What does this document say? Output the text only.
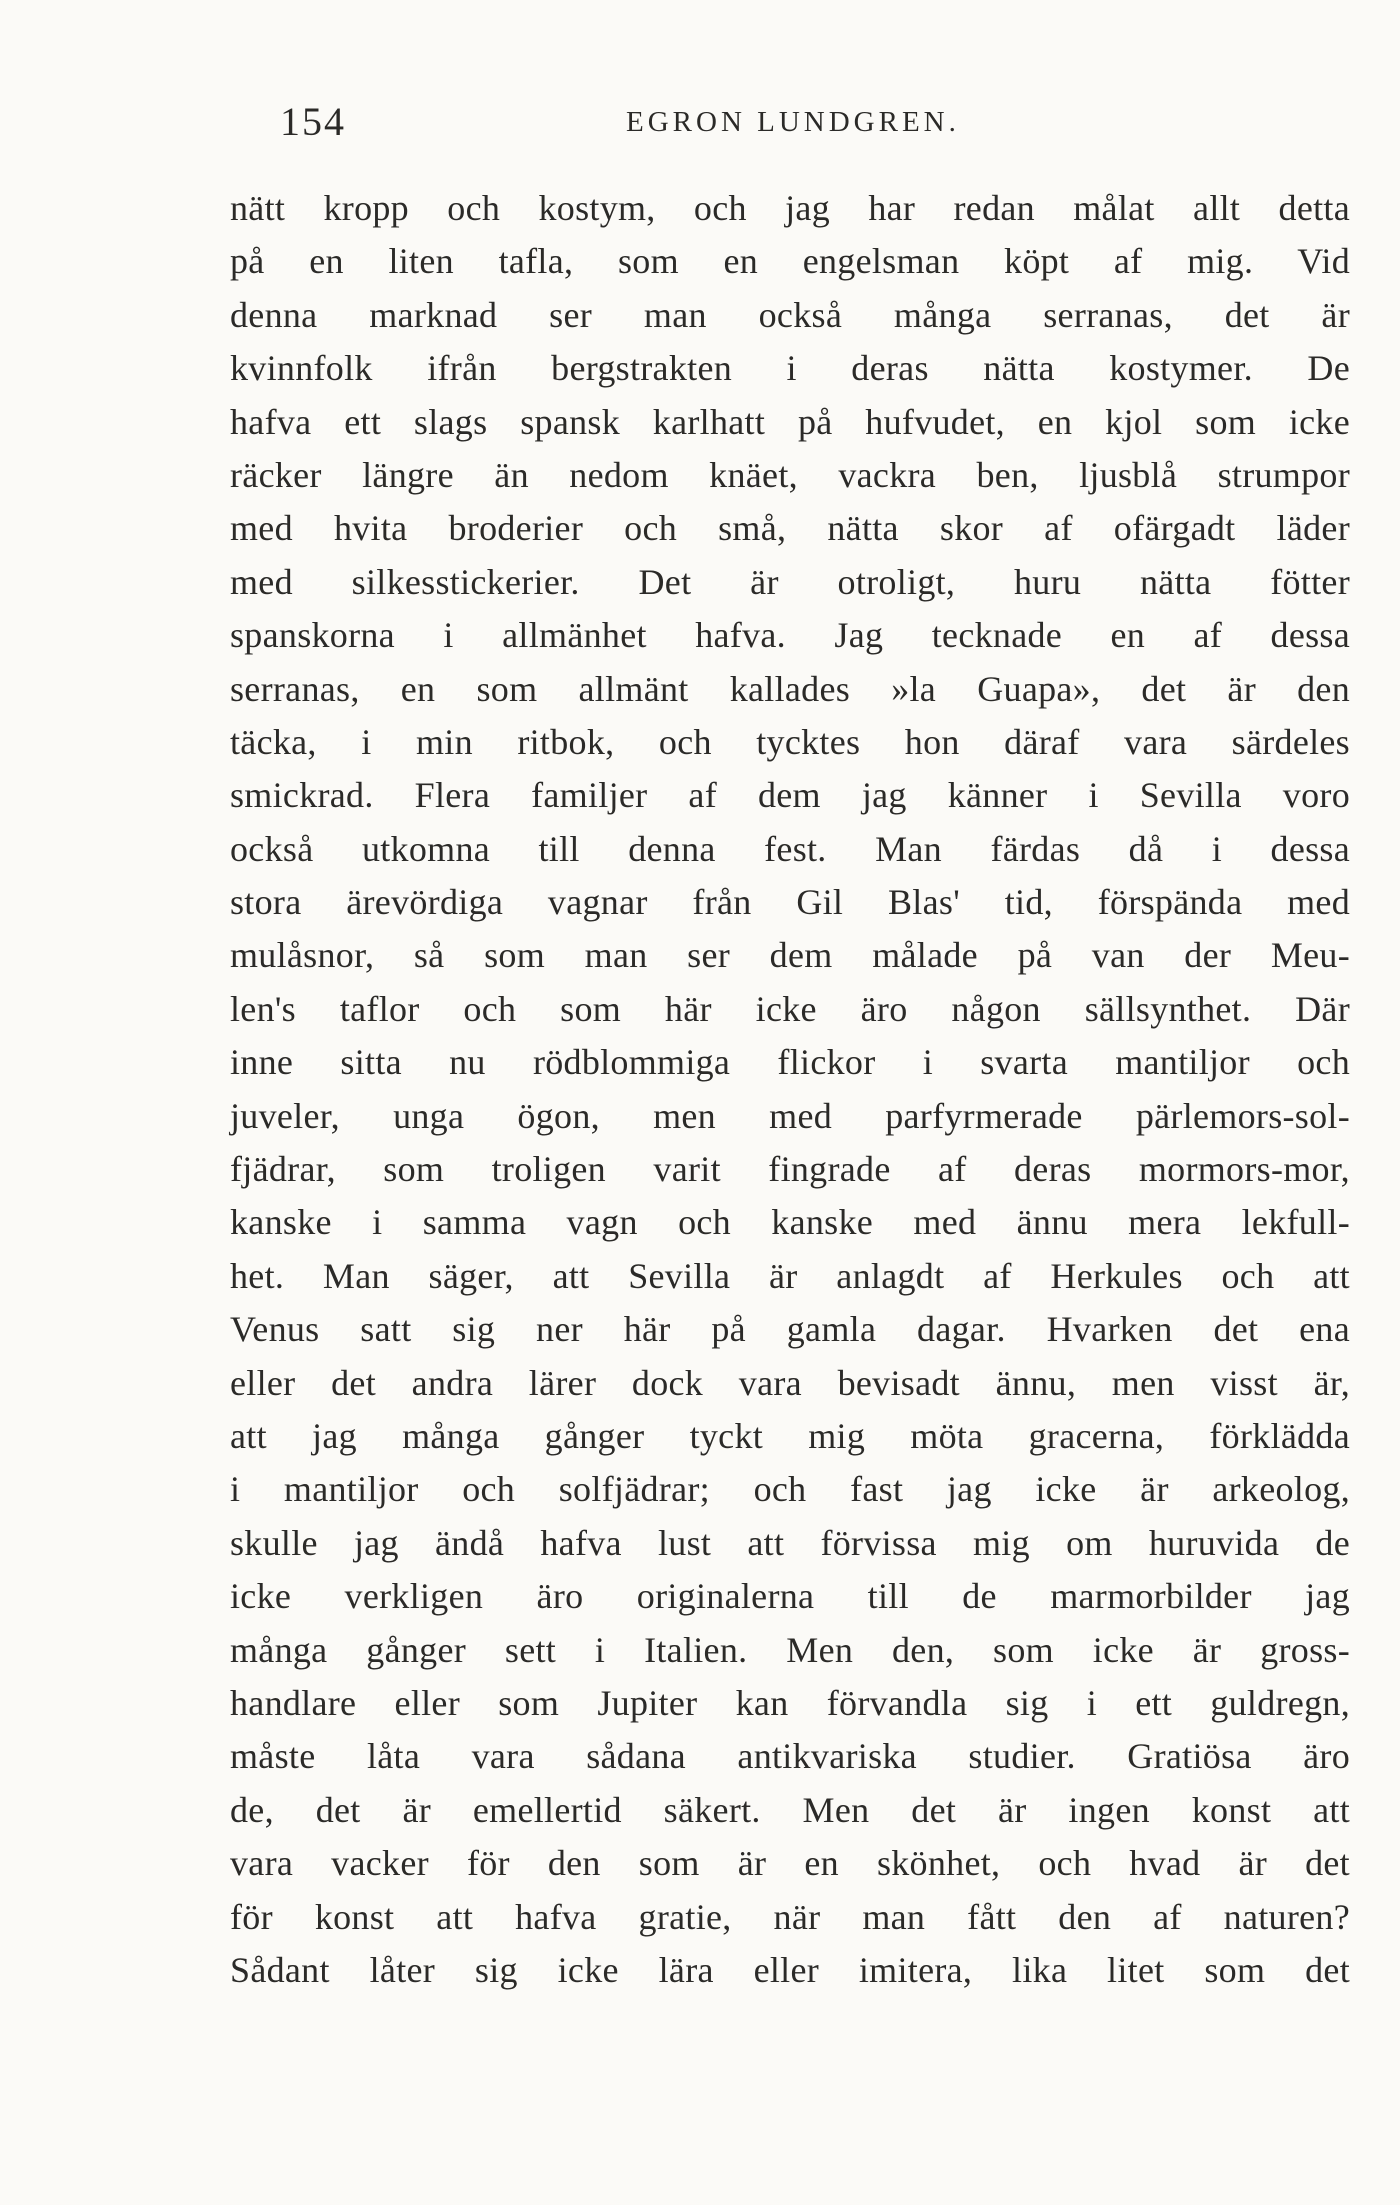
154	EGRON LUNDGREN.
nätt kropp och kostym, och jag har redan målat allt detta
på en liten tafla, som en engelsman köpt af mig. Vid
denna marknad ser man också många serranas, det är
kvinnfolk ifrån bergstrakten i deras nätta kostymer. De
hafva ett slags spansk karlhatt på hufvudet, en kjol som icke
räcker längre än nedom knäet, vackra ben, ljusblå strumpor
med hvita broderier och små, nätta skor af ofärgadt läder
med silkesstickerier. Det är otroligt, huru nätta fötter
spanskorna i allmänhet hafva. Jag tecknade en af dessa
serranas, en som allmänt kallades »la Guapa», det är den
täcka, i min ritbok, och tycktes hon däraf vara särdeles
smickrad. Flera familjer af dem jag känner i Sevilla voro
också utkomna till denna fest. Man färdas då i dessa
stora ärevördiga vagnar från Gil Blas' tid, förspända med
mulåsnor, så som man ser dem målade på van der Meu-
len's taflor och som här icke äro någon sällsynthet. Där
inne sitta nu rödblommiga flickor i svarta mantiljor och
juveler, unga ögon, men med parfyrmerade pärlemors-sol-
fjädrar, som troligen varit fingrade af deras mormors-mor,
kanske i samma vagn och kanske med ännu mera lekfull-
het. Man säger, att Sevilla är anlagdt af Herkules och att
Venus satt sig ner här på gamla dagar. Hvarken det ena
eller det andra lärer dock vara bevisadt ännu, men visst är,
att jag många gånger tyckt mig möta gracerna, förklädda
i mantiljor och solfjädrar; och fast jag icke är arkeolog,
skulle jag ändå hafva lust att förvissa mig om huruvida de
icke verkligen äro originalerna till de marmorbilder jag
många gånger sett i Italien. Men den, som icke är gross-
handlare eller som Jupiter kan förvandla sig i ett guldregn,
måste låta vara sådana antikvariska studier. Gratiösa äro
de, det är emellertid säkert. Men det är ingen konst att
vara vacker för den som är en skönhet, och hvad är det
för konst att hafva gratie, när man fått den af naturen?
Sådant låter sig icke lära eller imitera, lika litet som det
